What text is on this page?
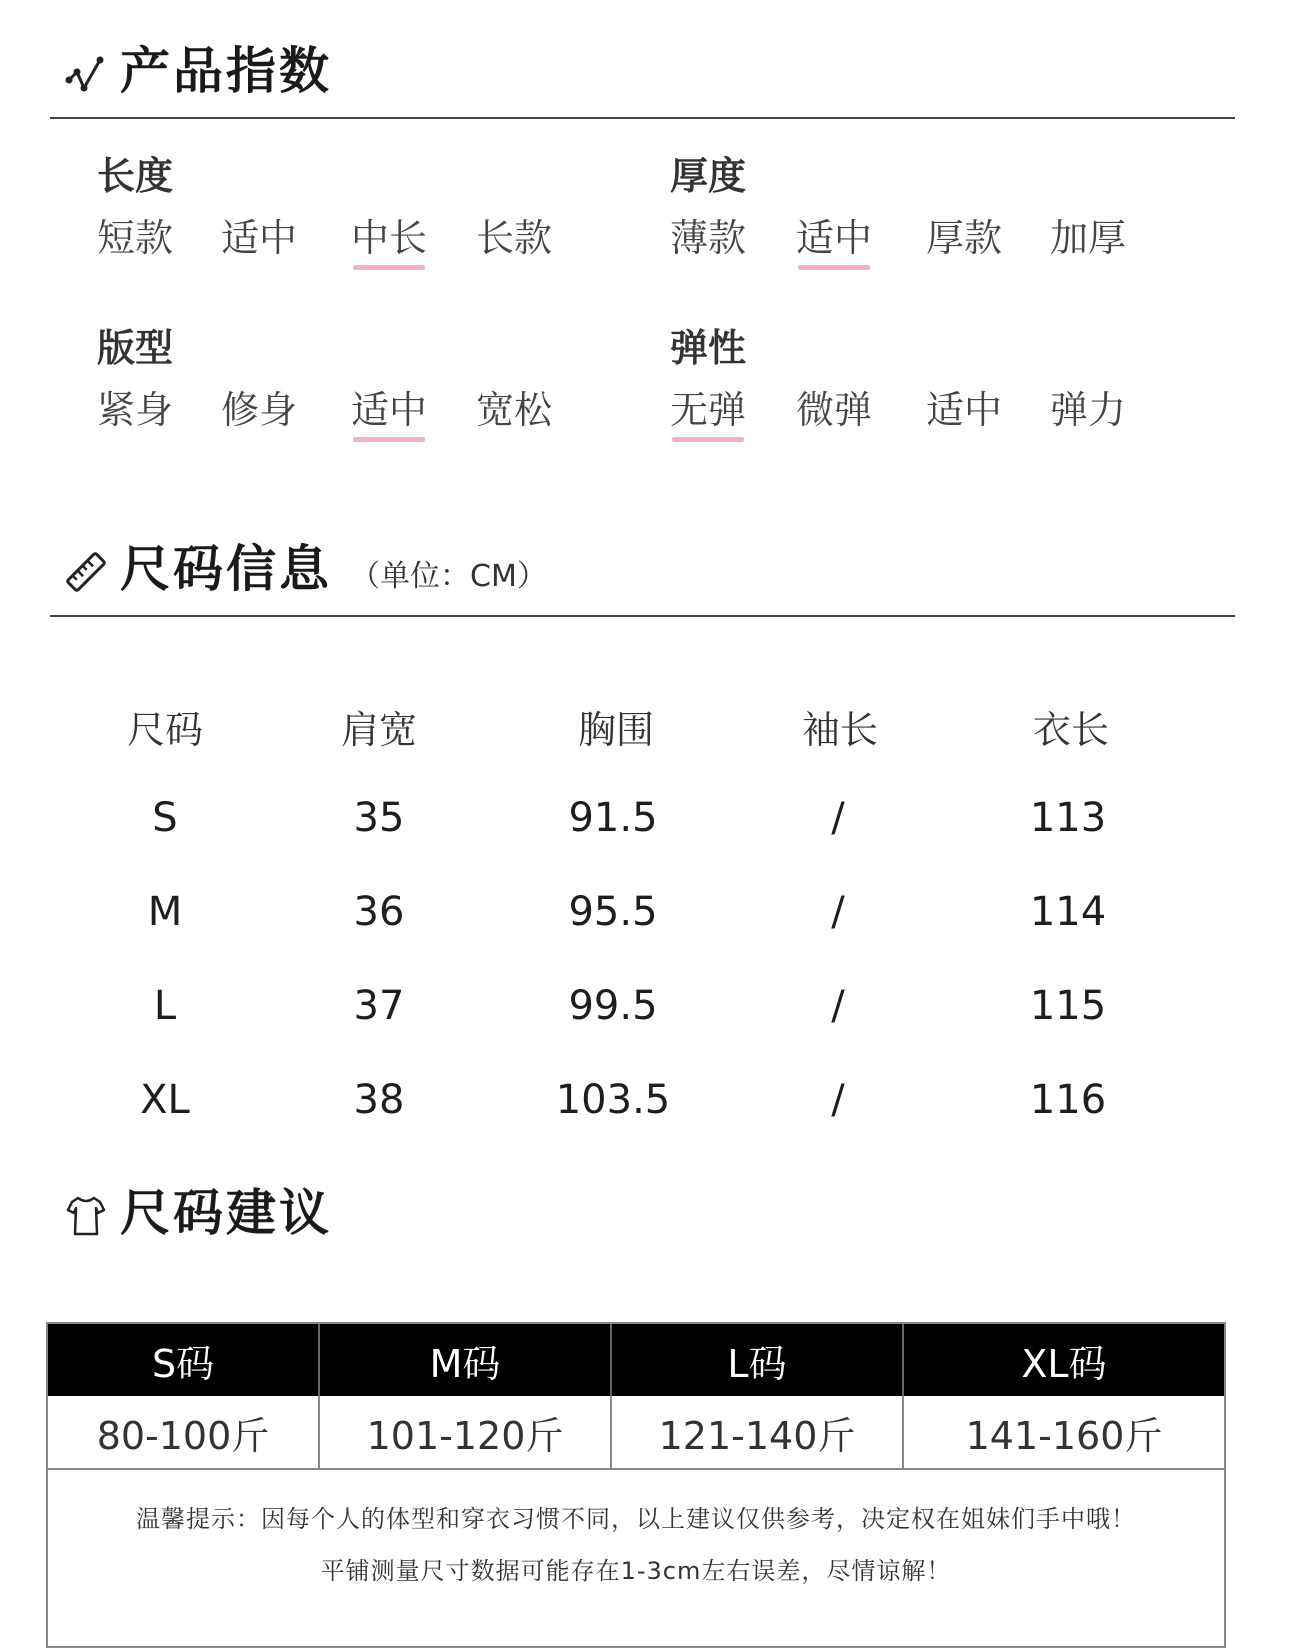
产品指数
长度
短款 适中 中长 长款
厚度
薄款 适中 厚款 加厚
版型
紧身 修身 适中 宽松
弹性
无弹 微弹 适中 弹力
尺码信息 （单位：CM）
尺码	肩宽	胸围	袖长	衣长
S	35	91.5	/	113
M	36	95.5	/	114
L	37	99.5	/	115
XL	38	103.5	/	116
尺码建议
S码	M码	L码	XL码
80-100斤	101-120斤	121-140斤	141-160斤

温馨提示：因每个人的体型和穿衣习惯不同，以上建议仅供参考，决定权在姐妹们手中哦！

平铺测量尺寸数据可能存在1-3cm左右误差，尽情谅解！
